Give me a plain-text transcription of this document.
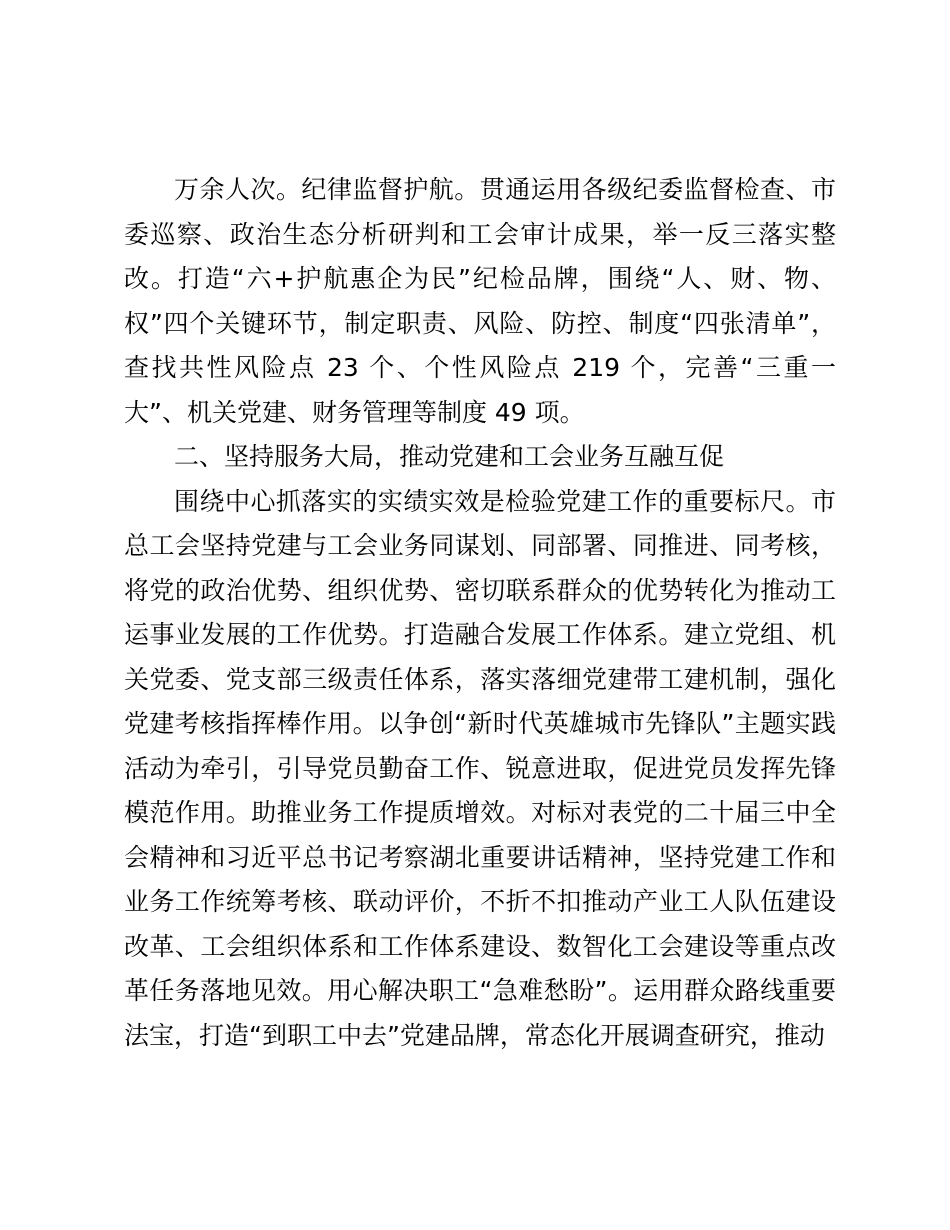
万余人次。纪律监督护航。贯通运用各级纪委监督检查、市委巡察、政治生态分析研判和工会审计成果，举一反三落实整改。打造“六+护航惠企为民”纪检品牌，围绕“人、财、物、权”四个关键环节，制定职责、风险、防控、制度“四张清单”，查找共性风险点 23 个、个性风险点 219 个，完善“三重一大”、机关党建、财务管理等制度 49 项。

二、坚持服务大局，推动党建和工会业务互融互促

围绕中心抓落实的实绩实效是检验党建工作的重要标尺。市总工会坚持党建与工会业务同谋划、同部署、同推进、同考核，将党的政治优势、组织优势、密切联系群众的优势转化为推动工运事业发展的工作优势。打造融合发展工作体系。建立党组、机关党委、党支部三级责任体系，落实落细党建带工建机制，强化党建考核指挥棒作用。以争创“新时代英雄城市先锋队”主题实践活动为牵引，引导党员勤奋工作、锐意进取，促进党员发挥先锋模范作用。助推业务工作提质增效。对标对表党的二十届三中全会精神和习近平总书记考察湖北重要讲话精神，坚持党建工作和业务工作统筹考核、联动评价，不折不扣推动产业工人队伍建设改革、工会组织体系和工作体系建设、数智化工会建设等重点改革任务落地见效。用心解决职工“急难愁盼”。运用群众路线重要法宝，打造“到职工中去”党建品牌，常态化开展调查研究，推动
